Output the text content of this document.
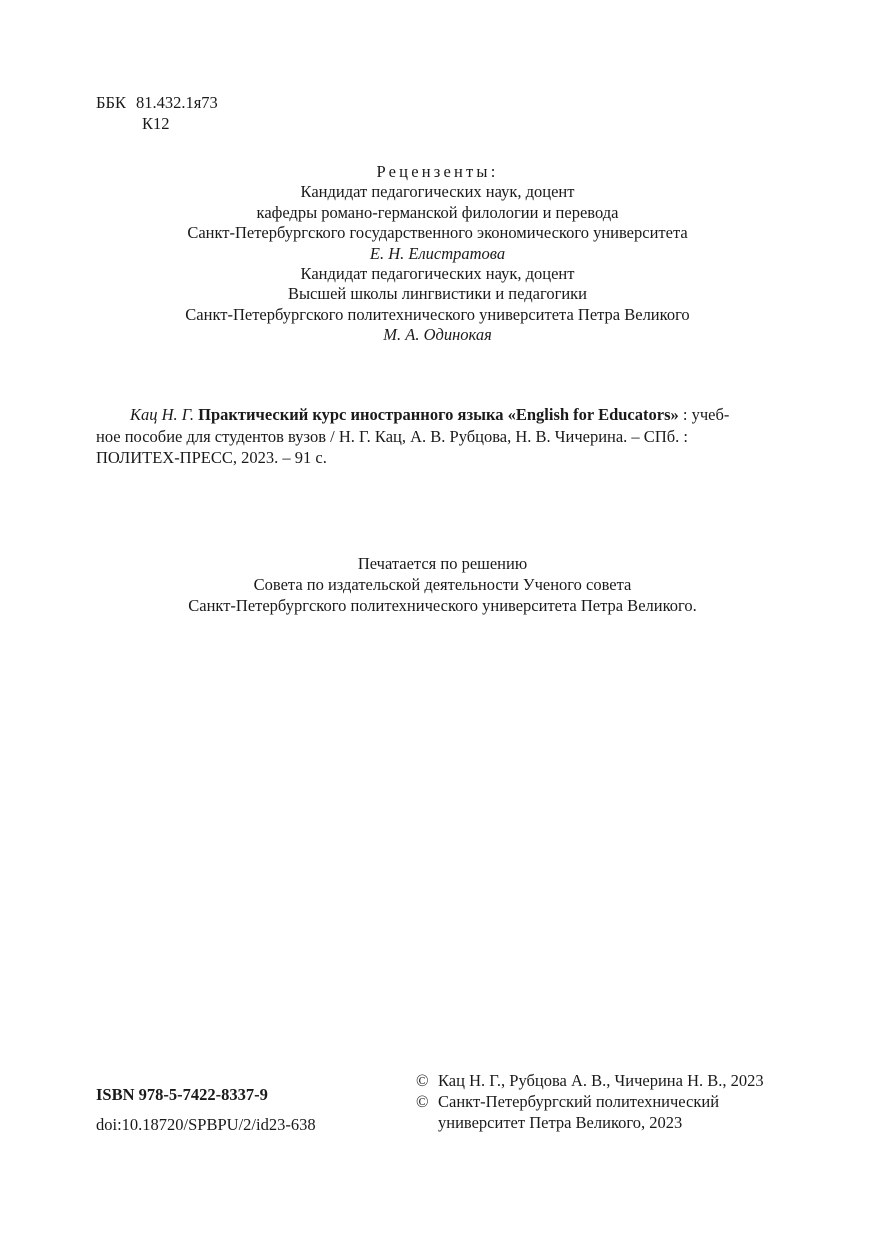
ББК 81.432.1я73
К12
Рецензенты:
Кандидат педагогических наук, доцент
кафедры романо-германской филологии и перевода
Санкт-Петербургского государственного экономического университета
Е. Н. Елистратова
Кандидат педагогических наук, доцент
Высшей школы лингвистики и педагогики
Санкт-Петербургского политехнического университета Петра Великого
М. А. Одинокая
Кац Н. Г. Практический курс иностранного языка «English for Educators» : учеб-
ное пособие для студентов вузов / Н. Г. Кац, А. В. Рубцова, Н. В. Чичерина. – СПб. :
ПОЛИТЕХ-ПРЕСС, 2023. – 91 с.
Печатается по решению
Совета по издательской деятельности Ученого совета
Санкт-Петербургского политехнического университета Петра Великого.
ISBN 978-5-7422-8337-9
doi:10.18720/SPBPU/2/id23-638
© Кац Н. Г., Рубцова А. В., Чичерина Н. В., 2023
© Санкт-Петербургский политехнический
университет Петра Великого, 2023
